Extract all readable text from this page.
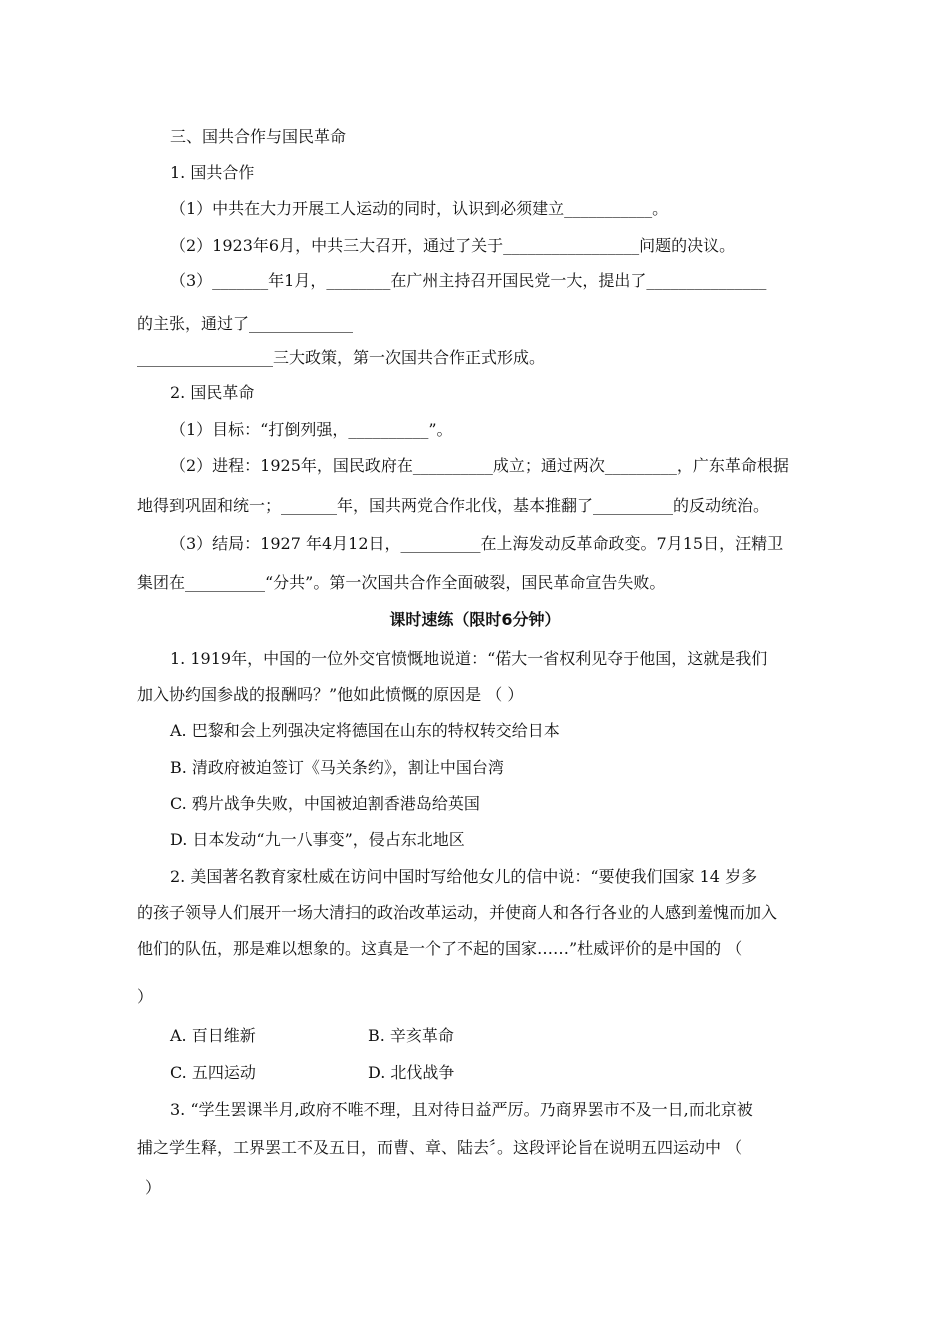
三、国共合作与国民革命
1. 国共合作
（1）中共在大力开展工人运动的同时，认识到必须建立___________。
（2）1923年6月，中共三大召开，通过了关于_________________问题的决议。
（3）_______年1月，________在广州主持召开国民党一大，提出了_______________
的主张，通过了_____________
_________________三大政策，第一次国共合作正式形成。
2. 国民革命
（1）目标：“打倒列强，__________”。
（2）进程：1925年，国民政府在__________成立；通过两次_________，广东革命根据
地得到巩固和统一；_______年，国共两党合作北伐，基本推翻了__________的反动统治。
（3）结局：1927 年4月12日，__________在上海发动反革命政变。7月15日，汪精卫
集团在__________“分共”。第一次国共合作全面破裂，国民革命宣告失败。
课时速练（限时6分钟）
1. 1919年，中国的一位外交官愤慨地说道：“偌大一省权利见夺于他国，这就是我们
加入协约国参战的报酬吗？”他如此愤慨的原因是 （ ）
A. 巴黎和会上列强决定将德国在山东的特权转交给日本
B. 清政府被迫签订《马关条约》，割让中国台湾
C. 鸦片战争失败，中国被迫割香港岛给英国
D. 日本发动“九一八事变”，侵占东北地区
2. 美国著名教育家杜威在访问中国时写给他女儿的信中说：“要使我们国家 14 岁多
的孩子领导人们展开一场大清扫的政治改革运动，并使商人和各行各业的人感到羞愧而加入
他们的队伍，那是难以想象的。这真是一个了不起的国家……”杜威评价的是中国的 （
）
A. 百日维新	B. 辛亥革命
C. 五四运动	D. 北伐战争
3. “学生罢课半月,政府不唯不理，且对待日益严厉。乃商界罢市不及一日,而北京被
捕之学生释，工界罢工不及五日，而曹、章、陆去〞。这段评论旨在说明五四运动中 （
）
